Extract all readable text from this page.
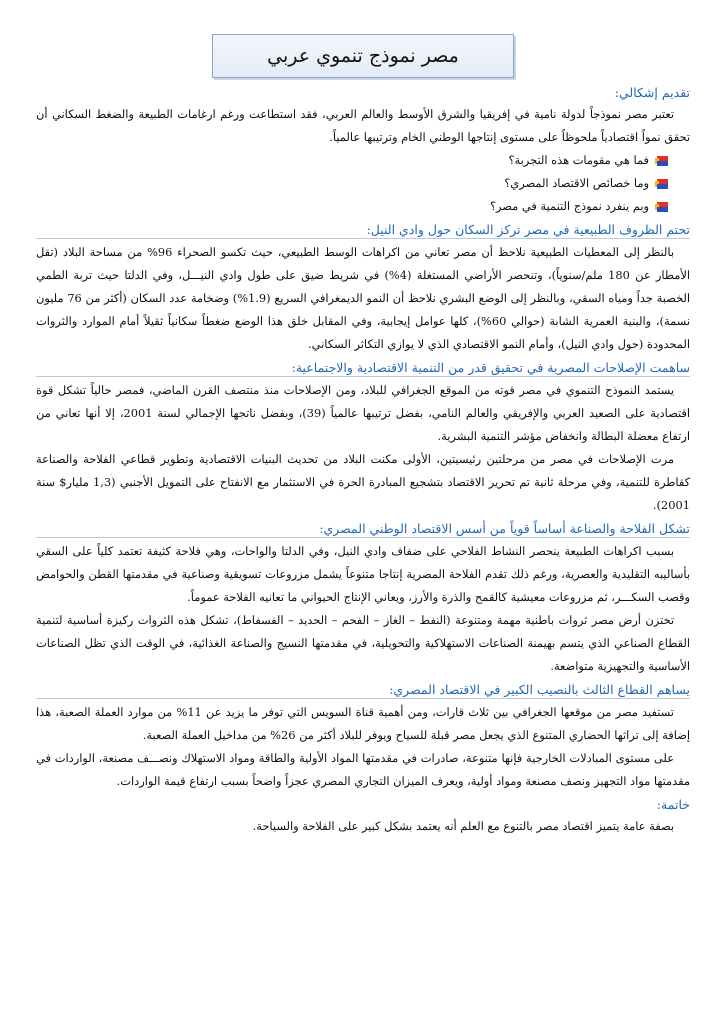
مصر نموذج تنموي عربي
تقديم إشكالي:

تعتبر مصر نموذجاً لدولة نامية في إفريقيا والشرق الأوسط والعالم العربي، فقد استطاعت ورغم ارغامات الطبيعة والضغط السكاني أن تحقق نمواً اقتصادياً ملحوظاً على مستوى إنتاجها الوطني الخام وترتيبها عالمياً.

فما هي مقومات هذه التجربة؟
وما خصائص الاقتصاد المصري؟
وبم ينفرد نموذج التنمية في مصر؟
تحتم الظروف الطبيعية في مصر تركز السكان حول وادي النيل:

بالنظر إلى المعطيات الطبيعية نلاحظ أن مصر تعاني من اكراهات الوسط الطبيعي، حيث تكسو الصحراء 96% من مساحة البلاد (تقل الأمطار عن 180 ملم/سنوياً)، وتنحصر الأراضي المستغلة (4%) في شريط ضيق على طول وادي النيـــل، وفي الدلتا حيث تربة الطمي الخصبة جداً ومياه السقي، وبالنظر إلى الوضع البشري نلاحظ أن النمو الديمغرافي السريع (1.9%) وضخامة عدد السكان (أكثر من 76 مليون نسمة)، والبنية العمرية الشابة (حوالي 60%)، كلها عوامل إيجابية، وفي المقابل خلق هذا الوضع ضغطاً سكانياً ثقيلاً أمام الموارد والثروات المحدودة (حول وادي النيل)، وأمام النمو الاقتصادي الذي لا يوازي التكاثر السكاني.

ساهمت الإصلاحات المصرية في تحقيق قدر من التنمية الاقتصادية والاجتماعية:

يستمد النموذج التنموي في مصر قوته من الموقع الجغرافي للبلاد، ومن الإصلاحات منذ منتصف القرن الماضي، فمصر حالياً تشكل قوة اقتصادية على الصعيد العربي والإفريقي والعالم النامي، بفضل ترتيبها عالمياً (39)، وبفضل ناتجها الإجمالي لسنة 2001، إلا أنها تعاني من ارتفاع معضلة البطالة وانخفاض مؤشر التنمية البشرية.

مرت الإصلاحات في مصر من مرحلتين رئيسيتين، الأولى مكنت البلاد من تحديث البنيات الاقتصادية وتطوير قطاعي الفلاحة والصناعة كقاطرة للتنمية، وفي مرحلة ثانية تم تحرير الاقتصاد بتشجيع المبادرة الحرة في الاستثمار مع الانفتاح على التمويل الأجنبي (1,3 مليار$ سنة 2001).

تشكل الفلاحة والصناعة أساساً قوياً من أسس الاقتصاد الوطني المصري:

بسبب اكراهات الطبيعة ينحصر النشاط الفلاحي على ضفاف وادي النيل، وفي الدلتا والواحات، وهي فلاحة كثيفة تعتمد كلياً على السقي بأساليبه التقليدية والعصرية، ورغم ذلك تقدم الفلاحة المصرية إنتاجا متنوعاً يشمل مزروعات تسويقية وصناعية في مقدمتها القطن والحوامض وقصب السكـــر، ثم مزروعات معيشية كالقمح والذرة والأرز، ويعاني الإنتاج الحيواني ما تعانيه الفلاحة عموماً.

تختزن أرض مصر ثروات باطنية مهمة ومتنوعة (النفط – الغاز – الفحم – الحديد – الفسفاط)، تشكل هذه الثروات ركيزة أساسية لتنمية القطاع الصناعي الذي يتسم بهيمنة الصناعات الاستهلاكية والتحويلية، في مقدمتها النسيج والصناعة الغذائية، في الوقت الذي تظل الصناعات الأساسية والتجهيزية متواضعة.

يساهم القطاع الثالث بالنصيب الكبير في الاقتصاد المصري:

تستفيد مصر من موقعها الجغرافي بين ثلاث قارات، ومن أهمية قناة السويس التي توفر ما يزيد عن 11% من موارد العملة الصعبة، هذا إضافة إلى تراثها الحضاري المتنوع الذي يجعل مصر قبلة للسياح ويوفر للبلاد أكثر من 26% من مداخيل العملة الصعبة.

على مستوى المبادلات الخارجية فإنها متنوعة، صادرات في مقدمتها المواد الأولية والطاقة ومواد الاستهلاك ونصـــف مصنعة، الواردات في مقدمتها مواد التجهيز ونصف مصنعة ومواد أولية، ويعرف الميزان التجاري المصري عجزاً واضحاً بسبب ارتفاع قيمة الواردات.

خاتمة:

بصفة عامة يتميز اقتصاد مصر بالتنوع مع العلم أنه يعتمد بشكل كبير على الفلاحة والسياحة.
